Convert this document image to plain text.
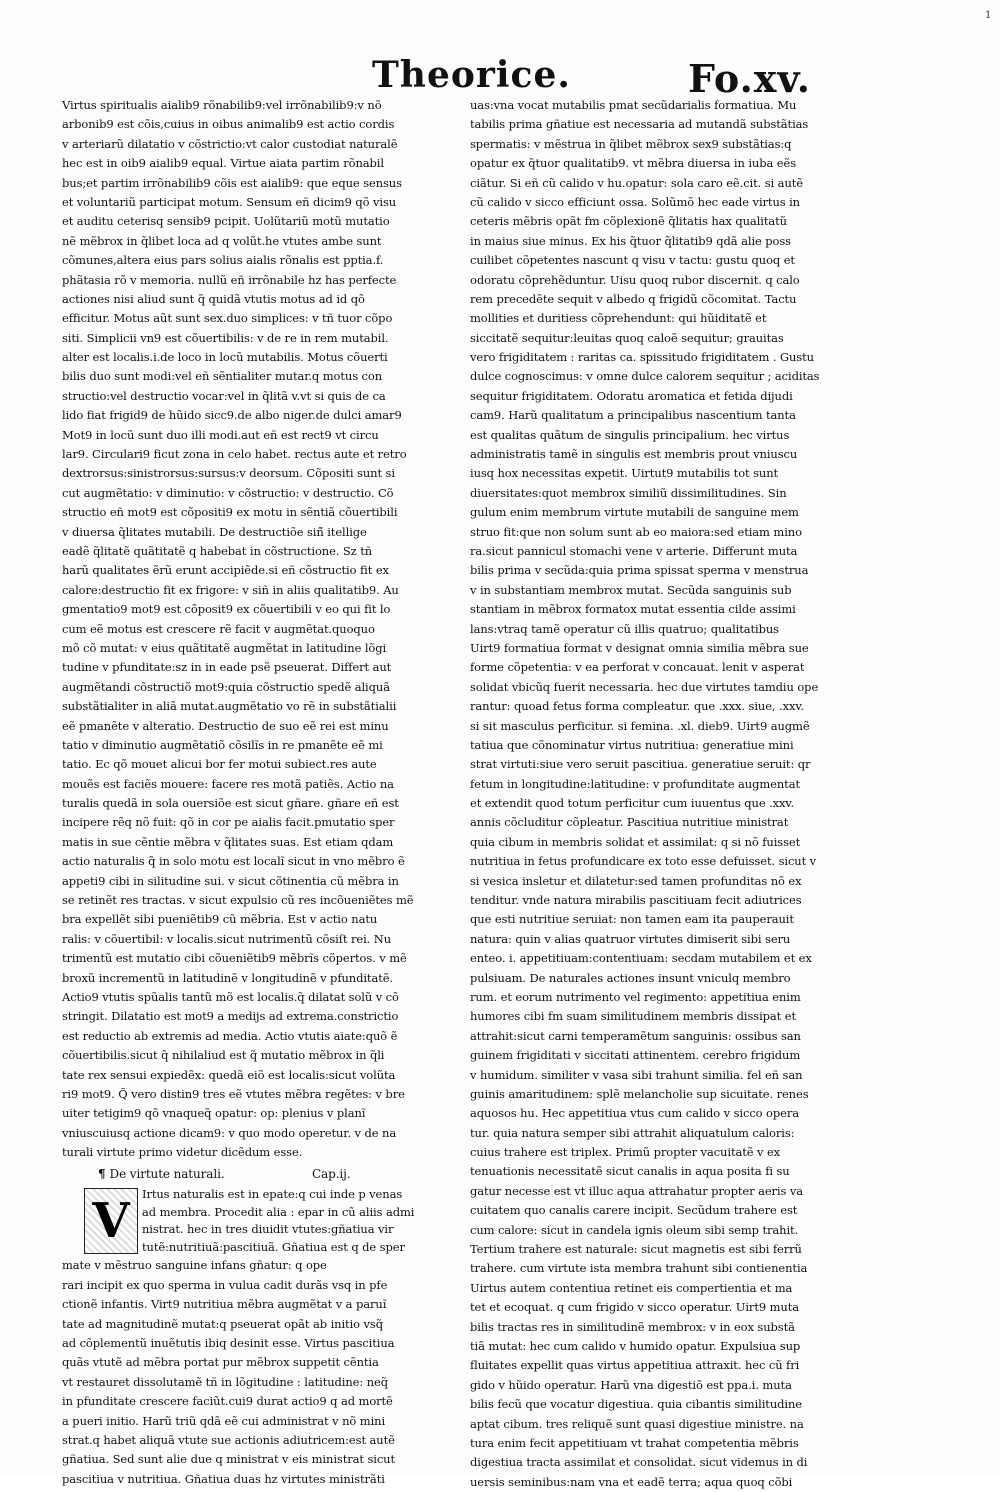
1
Theorice.	Fo.xv.
Virtus spiritualis aialib9 rõnabilib9:vel irrõnabilib9:v nõ
arbonib9 est cõis,cuius in oibus animalib9 est actio cordis
v arteriarũ dilatatio v cõstrictio:vt calor custodiat naturalẽ
hec est in oib9 aialib9 equal. Virtue aiata partim rõnabil
bus;et partim irrõnabilib9 cõis est aialib9: que eque sensus
et voluntariũ participat motum. Sensum eñ dicim9 qõ visu
et auditu ceterisq sensib9 pcipit. Uolũtariũ motũ mutatio
nẽ mẽbrox in q̃libet loca ad q volũt.he vtutes ambe sunt
cõmunes,altera eius pars solius aialis rõnalis est pptia.f.
phãtasia rõ v memoria. nullũ eñ irrõnabile hz has perfecte
actiones nisi aliud sunt q̃ quidã vtutis motus ad id qõ
efficitur. Motus aũt sunt sex.duo simplices: v tñ tuor cõpo
siti. Simplicii vn9 est cõuertibilis: v de re in rem mutabil.
alter est localis.i.de loco in locũ mutabilis. Motus cõuerti
bilis duo sunt modi:vel eñ sẽntialiter mutar.q motus con
structio:vel destructio vocar:vel in q̃litã v.vt si quis de ca
lido fiat frigid9 de hũido sicc9.de albo niger.de dulci amar9
Mot9 in locũ sunt duo illi modi.aut eñ est rect9 vt circu
lar9. Circulari9 ficut zona in celo habet. rectus aute et retro
dextrorsus:sinistrorsus:sursus:v deorsum. Cõpositi sunt si
cut augmẽtatio: v diminutio: v cõstructio: v destructio. Cõ
structio eñ mot9 est cõpositi9 ex motu in sẽntiã cõuertibili
v diuersa q̃litates mutabili. De destructiõe siñ̃ itellige
eadẽ q̃litatẽ quãtitatẽ q habebat in cõstructione. Sz tñ
harũ qualitates ẽrũ erunt accipiẽde.si eñ cõstructio fit ex
calore:destructio fit ex frigore: v siñ in aliis qualitatib9. Au
gmentatio9 mot9 est cõposit9 ex cõuertibili v eo qui fit lo
cum eẽ motus est crescere rẽ facit v augmẽtat.quoquo
mõ cõ mutat: v eius quãtitatẽ augmẽtat in latitudine lõgi
tudine v pfunditate:sz in in eade psẽ pseuerat. Differt aut
augmẽtandi cõstructiõ mot9:quia cõstructio spedẽ aliquã
substãtialiter in aliã mutat.augmẽtatio vo rẽ in substãtialii
eẽ pmanẽte v alteratio. Destructio de suo eẽ rei est minu
tatio v diminutio augmẽtatiõ cõsilĩs in re pmanẽte eẽ mi
tatio. Ec qõ mouet alicui bor fer motui subiect.res aute
mouẽs est faciẽs mouere: facere res motã patiẽs. Actio na
turalis quedã in sola ouersiõe est sicut gñare. gñare eñ est
incipere rẽq nõ fuit: qõ in cor pe aialis facit.pmutatio sper
matis in sue cẽntie mẽbra v q̃litates suas. Est etiam qdam
actio naturalis q̃ in solo motu est localĩ sicut in vno mẽbro ẽ
appeti9 cibi in silitudine sui. v sicut cõtinentia cũ mẽbra in
se retinẽt res tractas. v sicut expulsio cũ res incõueniẽtes mẽ
bra expellẽt sibi pueniẽtib9 cũ mẽbria. Est v actio natu
ralis: v cõuertibil: v localis.sicut nutrimentũ cõsiſt rei. Nu
trimentũ est mutatio cibi cõueniẽtib9 mẽbrĩs cõpertos. v mẽ
broxũ incrementũ in latitudinẽ v longitudinẽ v pfunditatẽ.
Actio9 vtutis spũalis tantũ mõ est localis.q̃ dilatat solũ v cõ
stringit. Dilatatio est mot9 a medijs ad extrema.constrictio
est reductio ab extremis ad media. Actio vtutis aiate:quõ ẽ
cõuertibilis.sicut q̃ nihilaliud est q̃ mutatio mẽbrox in q̃li
tate rex sensui expiedẽx: quedã eiõ est localis:sicut volũta
ri9 mot9. Q̃ vero distin9 tres eẽ vtutes mẽbra regẽtes: v bre
uiter tetigim9 qõ vnaqueq̃ opatur: op: plenius v planĩ
vniuscuiusq actione dicam9: v quo modo operetur. v de na
turali virtute primo videtur dicẽdum esse.
¶ De virtute naturali.	Cap.ij.
V	Irtus naturalis est in epate:q cui inde p venas
ad membra. Procedit alia : epar in cũ aliis admi
nistrat. hec in tres diuidit vtutes:gñatiua vir
tutẽ:nutritiuã:pascitiuã. Gñatiua est q de sper
mate v mẽstruo sanguine infans gñatur: q ope
rari incipit ex quo sperma in vulua cadit durãs vsq in pfe
ctionẽ infantis. Virt9 nutritiua mẽbra augmẽtat v a paruĩ
tate ad magnitudinẽ mutat:q pseuerat opãt ab initio vsq̃
ad cõplementũ inuẽtutis ibiq desinit esse. Virtus pascitiua
quãs vtutẽ ad mẽbra portat pur mẽbrox suppetit cẽntia
vt restauret dissolutamẽ tñ in lõgitudine : latitudine: neq̃
in pfunditate crescere faciũt.cui9 durat actio9 q ad mortẽ
a pueri initio. Harũ triũ qdã eẽ cui administrat v nõ mini
strat.q habet aliquã vtute sue actionis adiutricem:est autẽ
gñatiua. Sed sunt alie due q ministrat v eis ministrat sicut
pascitiua v nutritiua. Gñatiua duas hz virtutes ministrãti
uas:vna vocat mutabilis pmat secũdarialis formatiua. Mu
tabilis prima gñatiue est necessaria ad mutandã substãtias
spermatis: v mẽstrua in q̃libet mẽbrox sex9 substãtias:q
opatur ex q̃tuor qualitatib9. vt mẽbra diuersa in iuba eẽs
ciãtur. Si eñ cũ calido v hu.opatur: sola caro eẽ.cit. si autẽ
cũ calido v sicco efficiunt ossa. Solũmõ hec eade virtus in
ceteris mẽbris opãt fm cõplexionẽ q̃litatis hax qualitatũ
in maius siue minus. Ex his q̃tuor q̃litatib9 qdã alie poss
cuilibet cõpetentes nascunt q visu v tactu: gustu quoq et
odoratu cõprehẽduntur. Uisu quoq rubor discernit. q calo
rem precedẽte sequit v albedo q frigidũ cõcomitat. Tactu
mollities et duritiess cõprehendunt: qui hũiditatẽ et
siccitatẽ sequitur:leuitas quoq caloẽ sequitur; grauitas
vero frigiditatem : raritas ca. spissitudo frigiditatem . Gustu
dulce cognoscimus: v omne dulce calorem sequitur ; aciditas
sequitur frigiditatem. Odoratu aromatica et fetida dijudi
cam9. Harũ qualitatum a principalibus nascentium tanta
est qualitas quãtum de singulis principalium. hec virtus
administratis tamẽ in singulis est membris prout vniuscu
iusq hox necessitas expetit. Uirtut9 mutabilis tot sunt
diuersitates:quot membrox similiũ dissimilitudines. Sin
gulum enim membrum virtute mutabili de sanguine mem
struo fit:que non solum sunt ab eo maiora:sed etiam mino
ra.sicut pannicul stomachi vene v arterie. Differunt muta
bilis prima v secũda:quia prima spissat sperma v menstrua
v in substantiam membrox mutat. Secũda sanguinis sub
stantiam in mẽbrox formatox mutat essentia cilde assimi
lans:vtraq tamẽ operatur cũ illis quatruo; qualitatibus
Uirt9 formatiua format v designat omnia similia mẽbra sue
forme cõpetentia: v ea perforat v concauat. lenit v asperat
solidat vbicũq fuerit necessaria. hec due virtutes tamdiu ope
rantur: quoad fetus forma compleatur. que .xxx. siue, .xxv.
si sit masculus perficitur. si femina. .xl. dieb9. Uirt9 augmẽ
tatiua que cõnominatur virtus nutritiua: generatiue mini
strat virtuti:siue vero seruit pascitiua. generatiue seruit: qr
fetum in longitudine:latitudine: v profunditate augmentat
et extendit quod totum perficitur cum iuuentus que .xxv.
annis cõcluditur cõpleatur. Pascitiua nutritiue ministrat
quia cibum in membris solidat et assimilat: q si nõ fuisset
nutritiua in fetus profundicare ex toto esse defuisset. sicut v
si vesica insletur et dilatetur:sed tamen profunditas nõ ex
tenditur. vnde natura mirabilis pascitiuam fecit adiutrices
que esti nutritiue seruiat: non tamen eam ita pauperauit
natura: quin v alias quatruor virtutes dimiserit sibi seru
enteo. i. appetitiuam:contentiuam: secdam mutabilem et ex
pulsiuam. De naturales actiones insunt vniculq membro
rum. et eorum nutrimento vel regimento: appetitiua enim
humores cibi fm suam similitudinem membris dissipat et
attrahit:sicut carni temperamẽtum sanguinis: ossibus san
guinem frigiditati v siccitati attinentem. cerebro frigidum
v humidum. similiter v vasa sibi trahunt similia. fel eñ san
guinis amaritudinem: splẽ melancholie sup sicuitate. renes
aquosos hu. Hec appetitiua vtus cum calido v sicco opera
tur. quia natura semper sibi attrahit aliquatulum caloris:
cuius trahere est triplex. Primũ propter vacuitatẽ v ex
tenuationis necessitatẽ sicut canalis in aqua posita fi su
gatur necesse est vt illuc aqua attrahatur propter aeris va
cuitatem quo canalis carere incipit. Secũdum trahere est
cum calore: sicut in candela ignis oleum sibi semp trahit.
Tertium trahere est naturale: sicut magnetis est sibi ferrũ
trahere. cum virtute ista membra trahunt sibi contienentia
Uirtus autem contentiua retinet eis compertientia et ma
tet et ecoquat. q cum frigido v sicco operatur. Uirt9 muta
bilis tractas res in similitudinẽ membrox: v in eox substã
tiã mutat: hec cum calido v humido opatur. Expulsiua sup
fluitates expellit quas virtus appetitiua attraxit. hec cũ fri
gido v hũido operatur. Harũ vna digestiõ est ppa.i. muta
bilis fecũ que vocatur digestiua. quia cibantis similitudine
aptat cibum. tres reliquẽ sunt quasi digestiue ministre. na
tura enim fecit appetitiuam vt trahat competentia mẽbris
digestiua tracta assimilat et consolidat. sicut videmus in di
uersis seminibus:nam vna et eadẽ terra; aqua quoq cõbi
